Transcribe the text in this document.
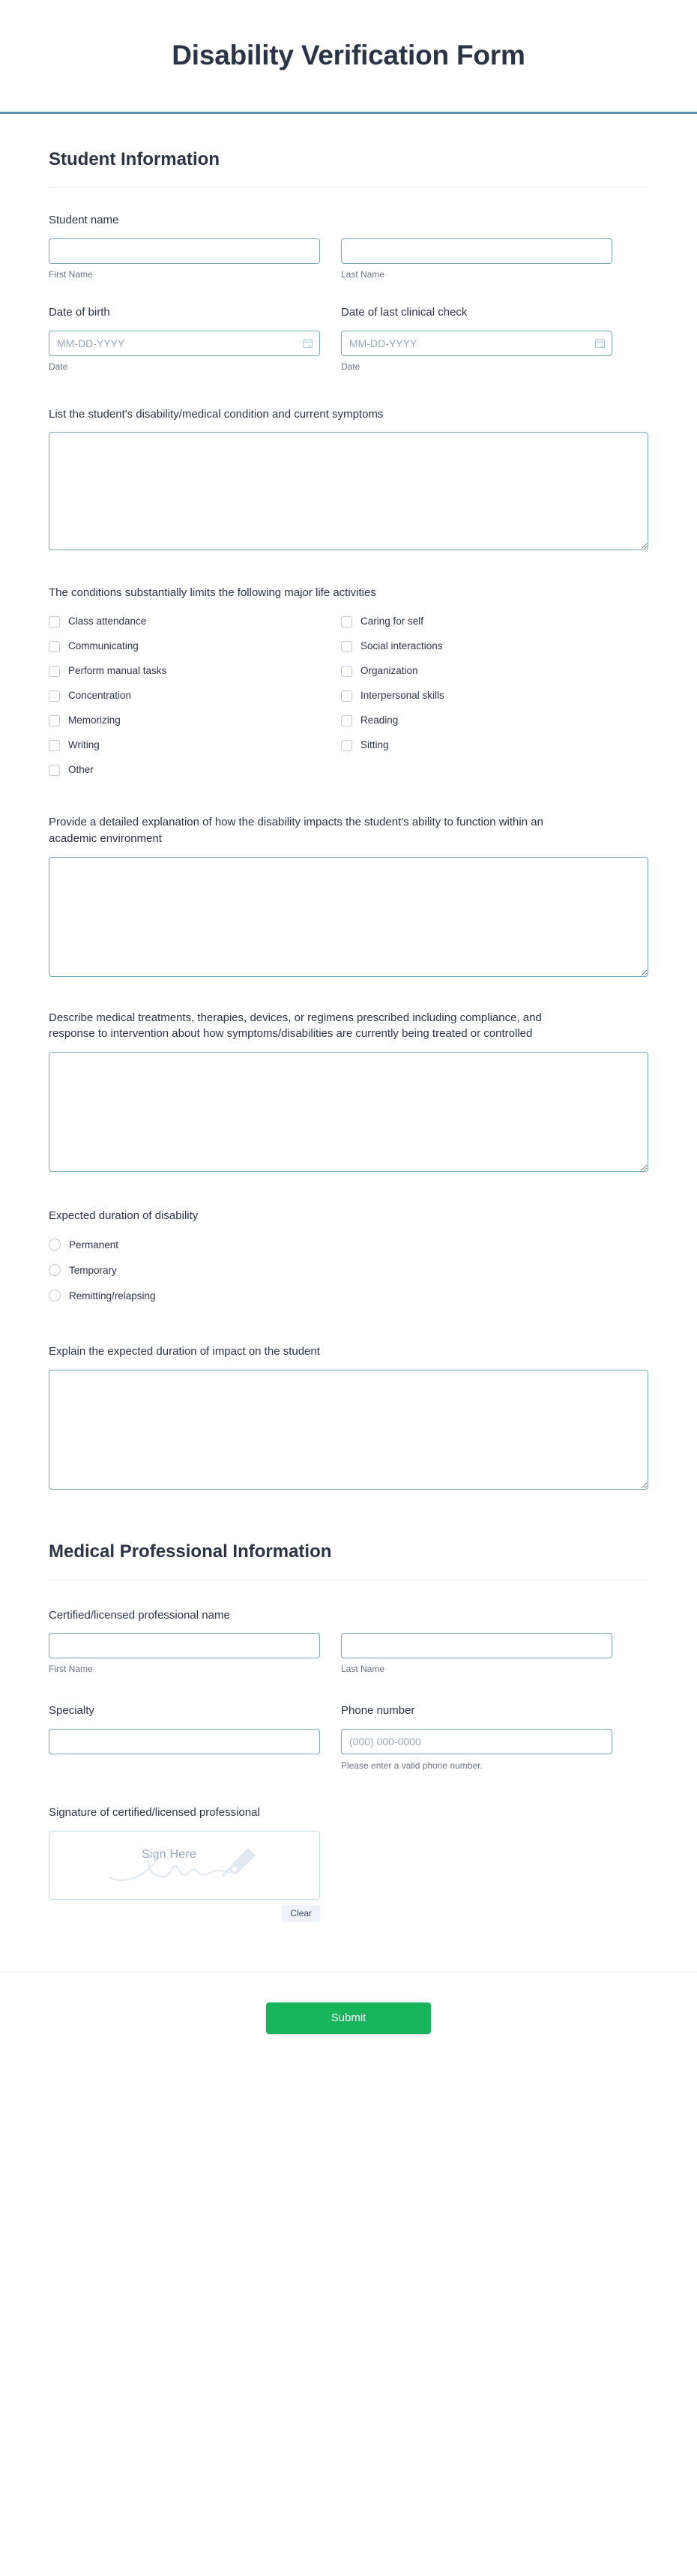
Disability Verification Form
Student Information
Student name
First Name	Last Name
Date of birth
MM-DD-YYYY
Date
Date of last clinical check
MM-DD-YYYY
Date
List the student's disability/medical condition and current symptoms
The conditions substantially limits the following major life activities
Class attendance
Communicating
Perform manual tasks
Concentration
Memorizing
Writing
Other
Caring for self
Social interactions
Organization
Interpersonal skills
Reading
Sitting
Provide a detailed explanation of how the disability impacts the student's ability to function within an academic environment
Describe medical treatments, therapies, devices, or regimens prescribed including compliance, and response to intervention about how symptoms/disabilities are currently being treated or controlled
Expected duration of disability
Permanent
Temporary
Remitting/relapsing
Explain the expected duration of impact on the student
Medical Professional Information
Certified/licensed professional name
First Name	Last Name
Specialty	Phone number
(000) 000-0000
Please enter a valid phone number.
Signature of certified/licensed professional
Sign Here
Clear
Submit
